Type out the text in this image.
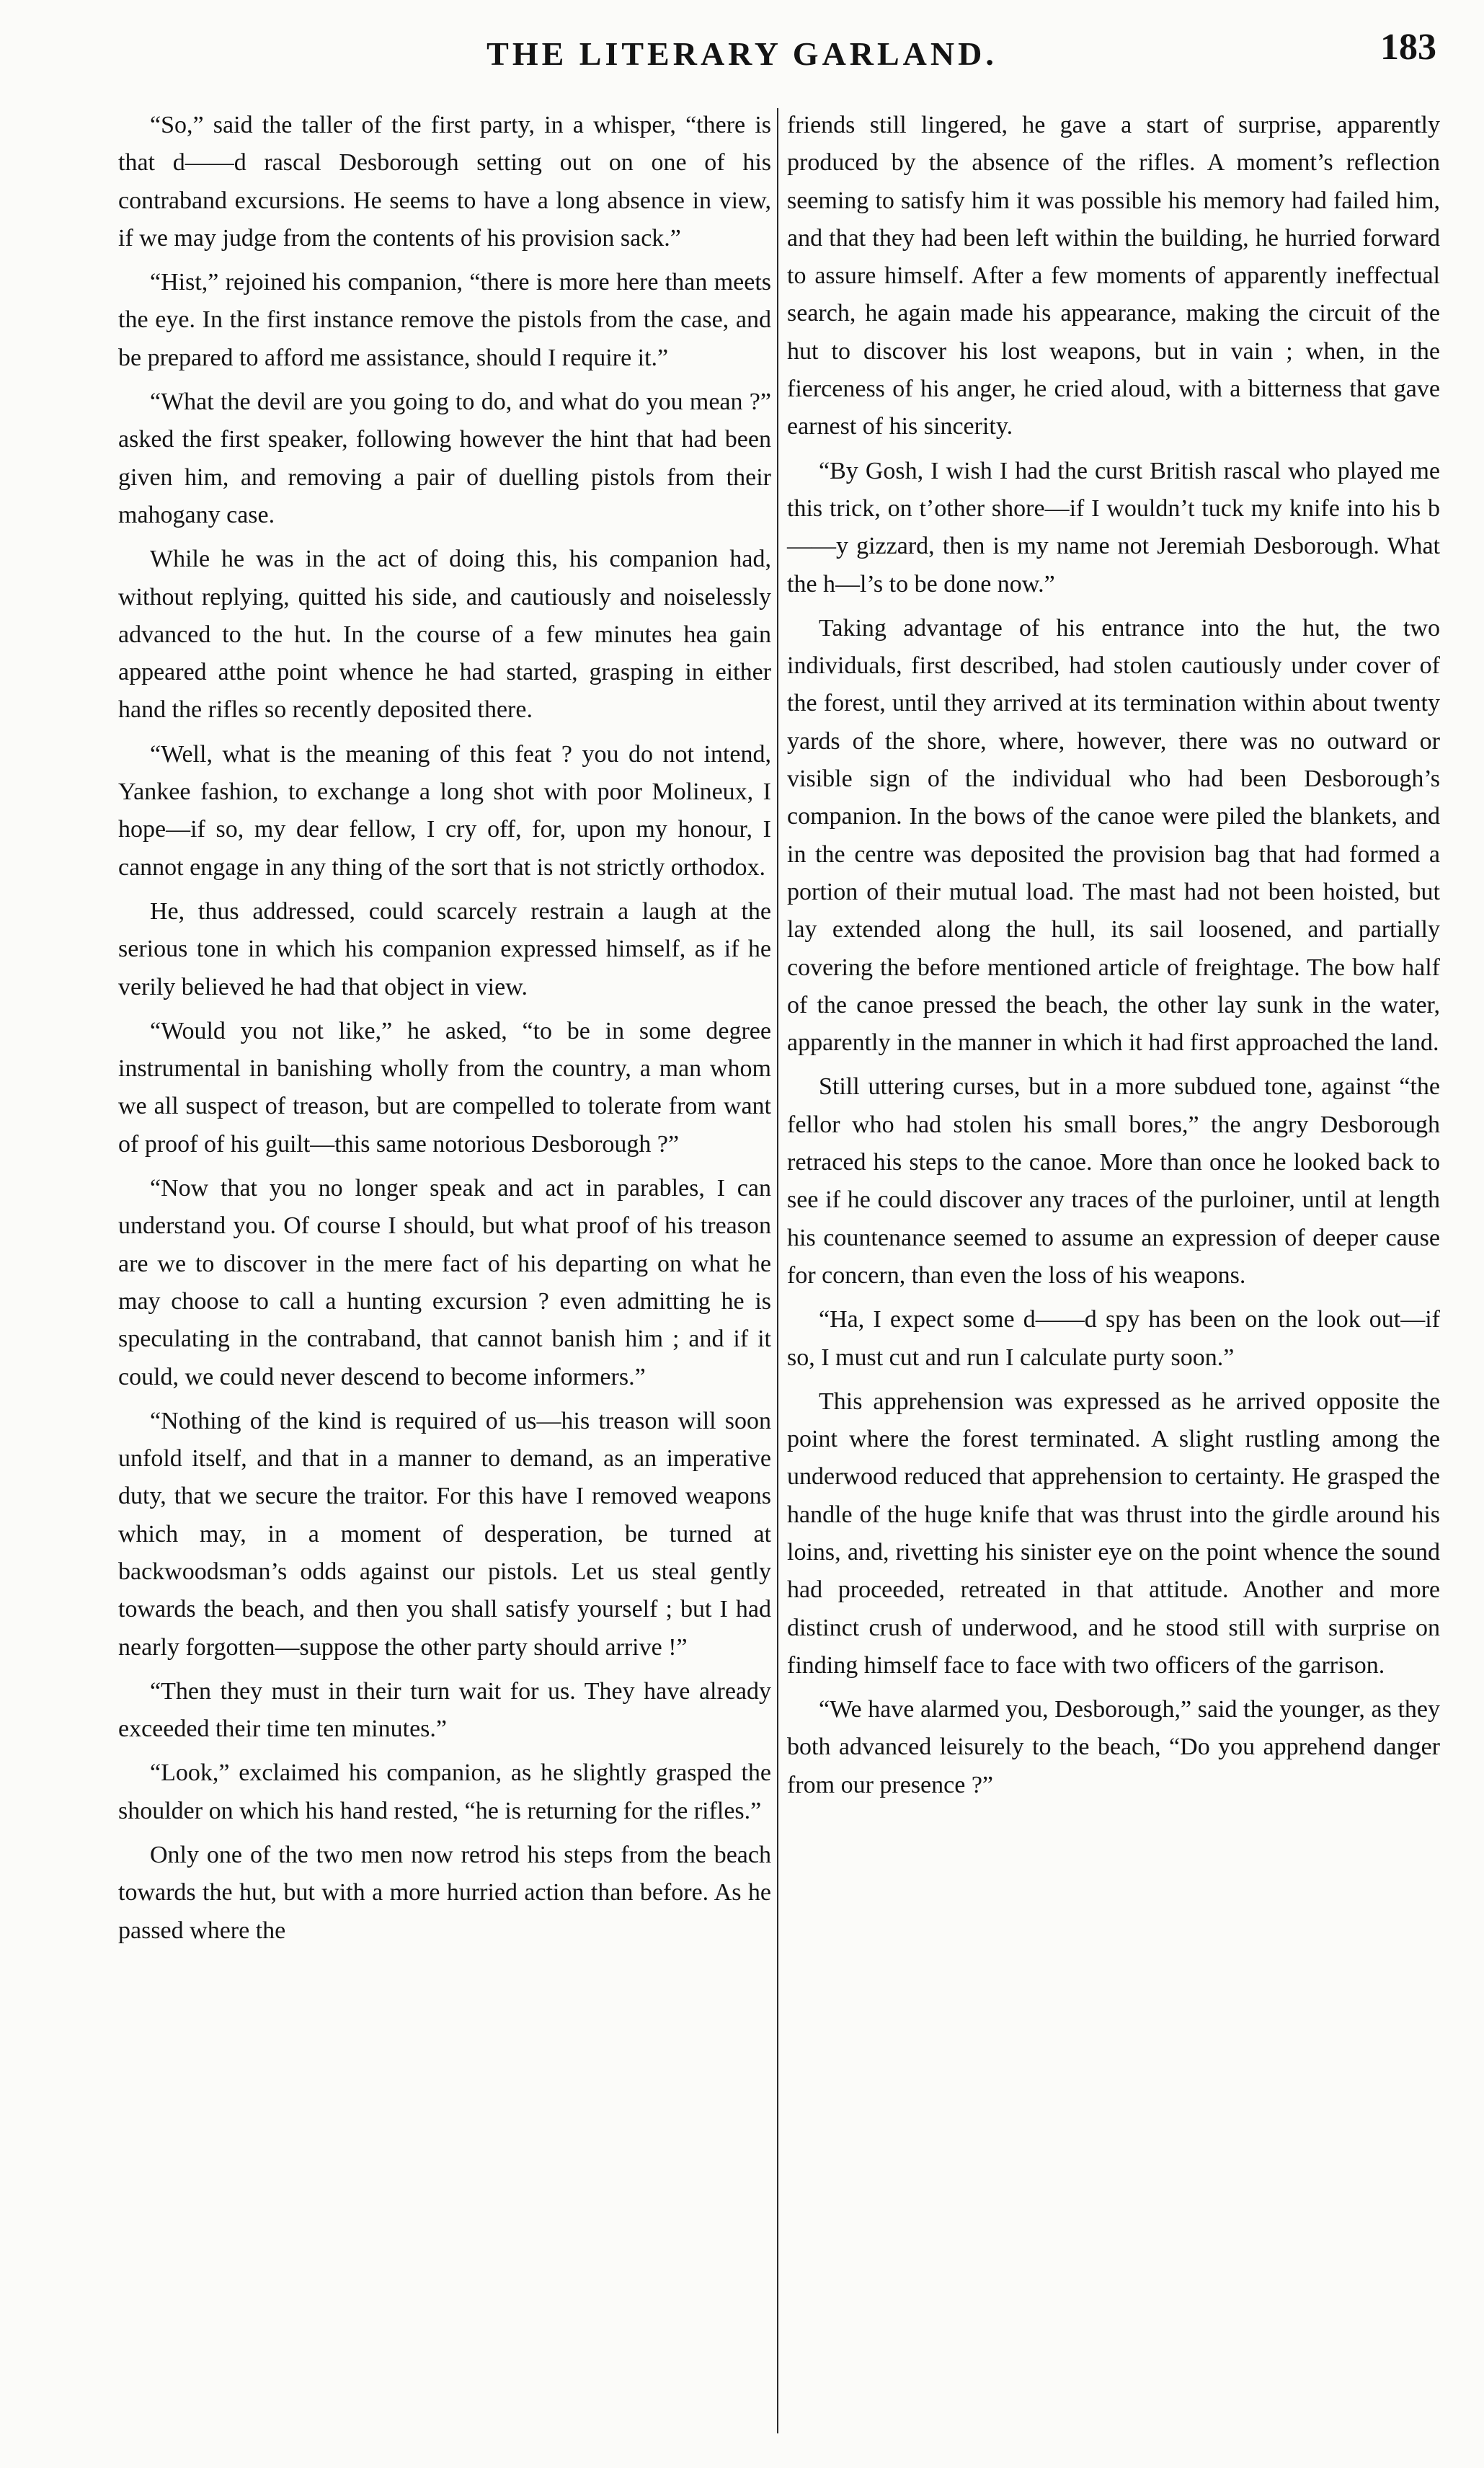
THE LITERARY GARLAND.	183

“So,” said the taller of the first party, in a whisper, “there is that d——d rascal Desborough setting out on one of his contraband excursions. He seems to have a long absence in view, if we may judge from the contents of his provision sack.”

“Hist,” rejoined his companion, “there is more here than meets the eye. In the first instance remove the pistols from the case, and be prepared to afford me assistance, should I require it.”

“What the devil are you going to do, and what do you mean ?” asked the first speaker, following however the hint that had been given him, and removing a pair of duelling pistols from their mahogany case.

While he was in the act of doing this, his companion had, without replying, quitted his side, and cautiously and noiselessly advanced to the hut. In the course of a few minutes hea gain appeared atthe point whence he had started, grasping in either hand the rifles so recently deposited there.

“Well, what is the meaning of this feat ? you do not intend, Yankee fashion, to exchange a long shot with poor Molineux, I hope—if so, my dear fellow, I cry off, for, upon my honour, I cannot engage in any thing of the sort that is not strictly orthodox.

He, thus addressed, could scarcely restrain a laugh at the serious tone in which his companion expressed himself, as if he verily believed he had that object in view.

“Would you not like,” he asked, “to be in some degree instrumental in banishing wholly from the country, a man whom we all suspect of treason, but are compelled to tolerate from want of proof of his guilt—this same notorious Desborough ?”

“Now that you no longer speak and act in parables, I can understand you. Of course I should, but what proof of his treason are we to discover in the mere fact of his departing on what he may choose to call a hunting excursion ? even admitting he is speculating in the contraband, that cannot banish him ; and if it could, we could never descend to become informers.”

“Nothing of the kind is required of us—his treason will soon unfold itself, and that in a manner to demand, as an imperative duty, that we secure the traitor. For this have I removed weapons which may, in a moment of desperation, be turned at backwoodsman’s odds against our pistols. Let us steal gently towards the beach, and then you shall satisfy yourself ; but I had nearly forgotten—suppose the other party should arrive !”

“Then they must in their turn wait for us. They have already exceeded their time ten minutes.”

“Look,” exclaimed his companion, as he slightly grasped the shoulder on which his hand rested, “he is returning for the rifles.”

Only one of the two men now retrod his steps from the beach towards the hut, but with a more hurried action than before. As he passed where the

friends still lingered, he gave a start of surprise, apparently produced by the absence of the rifles. A moment’s reflection seeming to satisfy him it was possible his memory had failed him, and that they had been left within the building, he hurried forward to assure himself. After a few moments of apparently ineffectual search, he again made his appearance, making the circuit of the hut to discover his lost weapons, but in vain ; when, in the fierceness of his anger, he cried aloud, with a bitterness that gave earnest of his sincerity.

“By Gosh, I wish I had the curst British rascal who played me this trick, on t’other shore—if I wouldn’t tuck my knife into his b——y gizzard, then is my name not Jeremiah Desborough. What the h—l’s to be done now.”

Taking advantage of his entrance into the hut, the two individuals, first described, had stolen cautiously under cover of the forest, until they arrived at its termination within about twenty yards of the shore, where, however, there was no outward or visible sign of the individual who had been Desborough’s companion. In the bows of the canoe were piled the blankets, and in the centre was deposited the provision bag that had formed a portion of their mutual load. The mast had not been hoisted, but lay extended along the hull, its sail loosened, and partially covering the before mentioned article of freightage. The bow half of the canoe pressed the beach, the other lay sunk in the water, apparently in the manner in which it had first approached the land.

Still uttering curses, but in a more subdued tone, against “the fellor who had stolen his small bores,” the angry Desborough retraced his steps to the canoe. More than once he looked back to see if he could discover any traces of the purloiner, until at length his countenance seemed to assume an expression of deeper cause for concern, than even the loss of his weapons.

“Ha, I expect some d——d spy has been on the look out—if so, I must cut and run I calculate purty soon.”

This apprehension was expressed as he arrived opposite the point where the forest terminated. A slight rustling among the underwood reduced that apprehension to certainty. He grasped the handle of the huge knife that was thrust into the girdle around his loins, and, rivetting his sinister eye on the point whence the sound had proceeded, retreated in that attitude. Another and more distinct crush of underwood, and he stood still with surprise on finding himself face to face with two officers of the garrison.

“We have alarmed you, Desborough,” said the younger, as they both advanced leisurely to the beach, “Do you apprehend danger from our presence ?”
